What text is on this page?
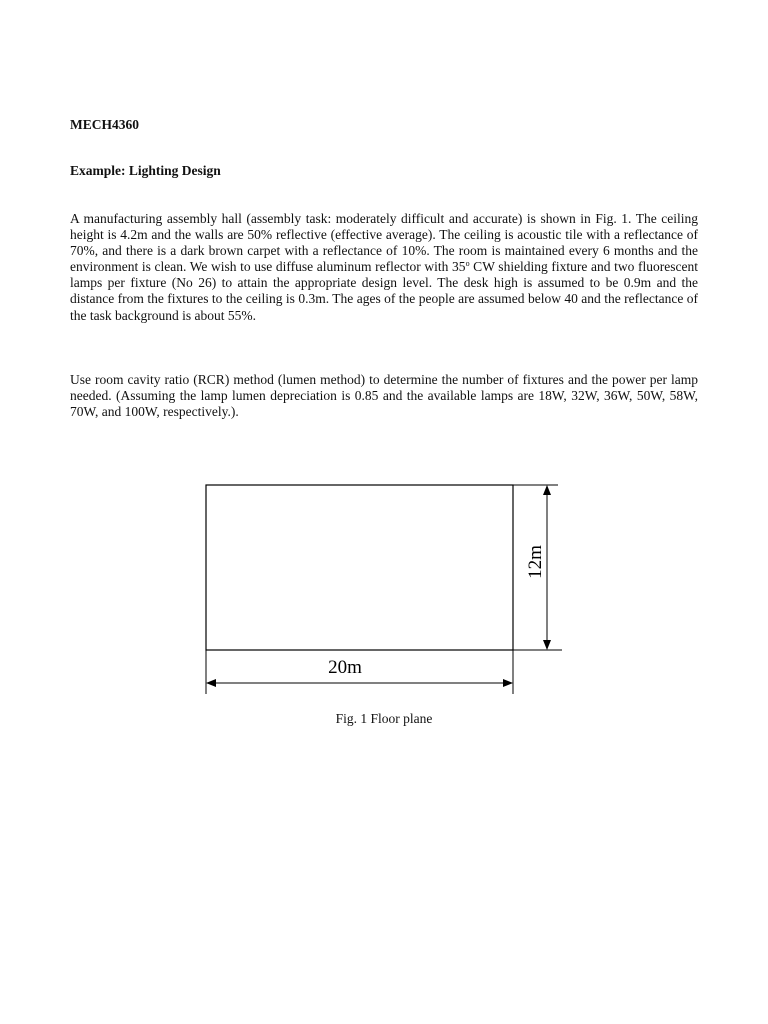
MECH4360

Example: Lighting Design

A manufacturing assembly hall (assembly task: moderately difficult and accurate) is shown in Fig. 1. The ceiling height is 4.2m and the walls are 50% reflective (effective average). The ceiling is acoustic tile with a reflectance of 70%, and there is a dark brown carpet with a reflectance of 10%. The room is maintained every 6 months and the environment is clean. We wish to use diffuse aluminum reflector with 35$^o$ CW shielding fixture and two fluorescent lamps per fixture (No 26) to attain the appropriate design level. The desk high is assumed to be 0.9m and the distance from the fixtures to the ceiling is 0.3m. The ages of the people are assumed below 40 and the reflectance of the task background is about 55%.

Use room cavity ratio (RCR) method (lumen method) to determine the number of fixtures and the power per lamp needed. (Assuming the lamp lumen depreciation is 0.85 and the available lamps are 18W, 32W, 36W, 50W, 58W, 70W, and 100W, respectively.).

20m
12m

Fig. 1 Floor plane
